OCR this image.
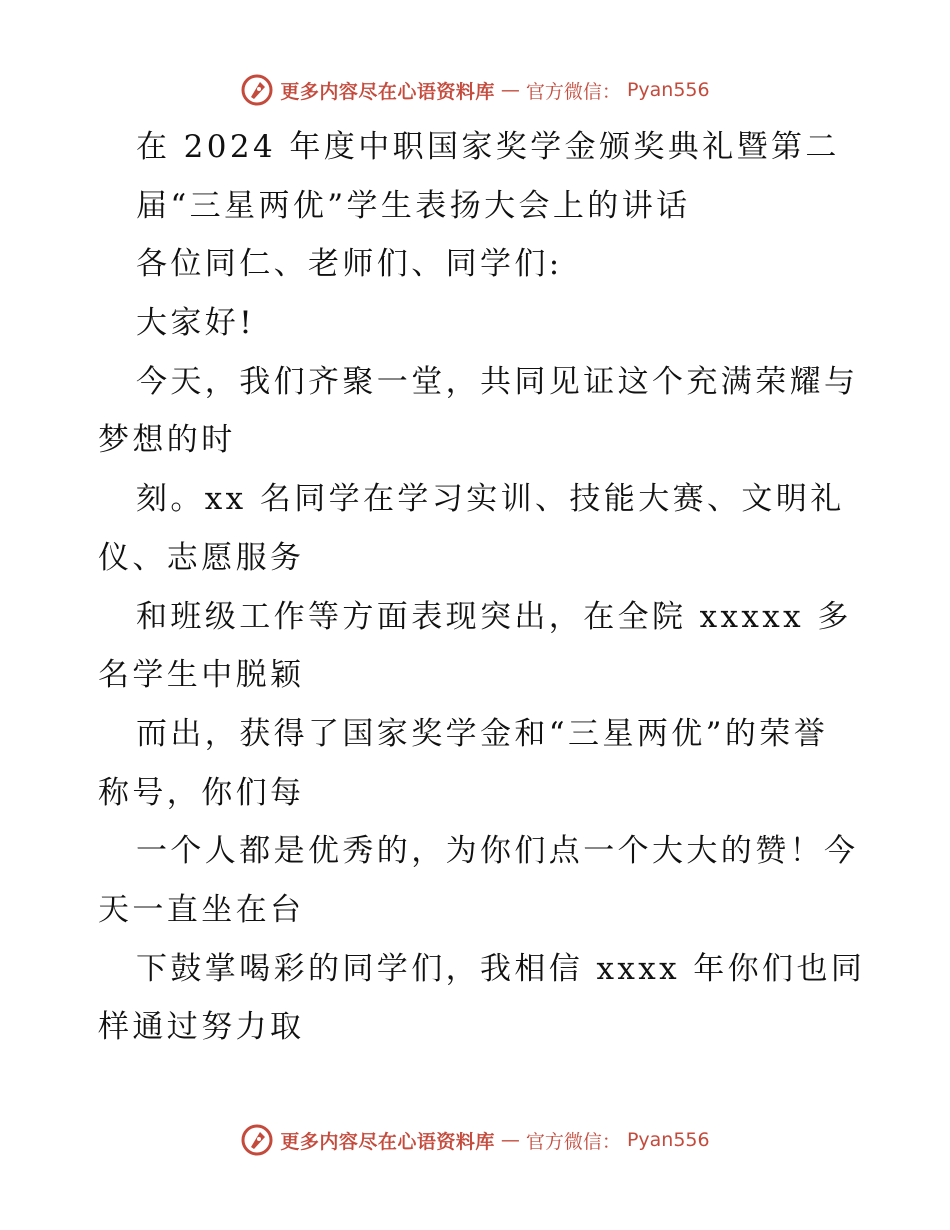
更多内容尽在心语资料库 — 官方微信： Pyan556
在 2024 年度中职国家奖学金颁奖典礼暨第二
届“三星两优”学生表扬大会上的讲话
各位同仁、老师们、同学们:
大家好!
今天，我们齐聚一堂，共同见证这个充满荣耀与
梦想的时
刻。xx 名同学在学习实训、技能大赛、文明礼
仪、志愿服务
和班级工作等方面表现突出，在全院 xxxxx 多
名学生中脱颖
而出，获得了国家奖学金和“三星两优”的荣誉
称号，你们每
一个人都是优秀的，为你们点一个大大的赞！今
天一直坐在台
下鼓掌喝彩的同学们，我相信 xxxx 年你们也同
样通过努力取
更多内容尽在心语资料库 — 官方微信： Pyan556
